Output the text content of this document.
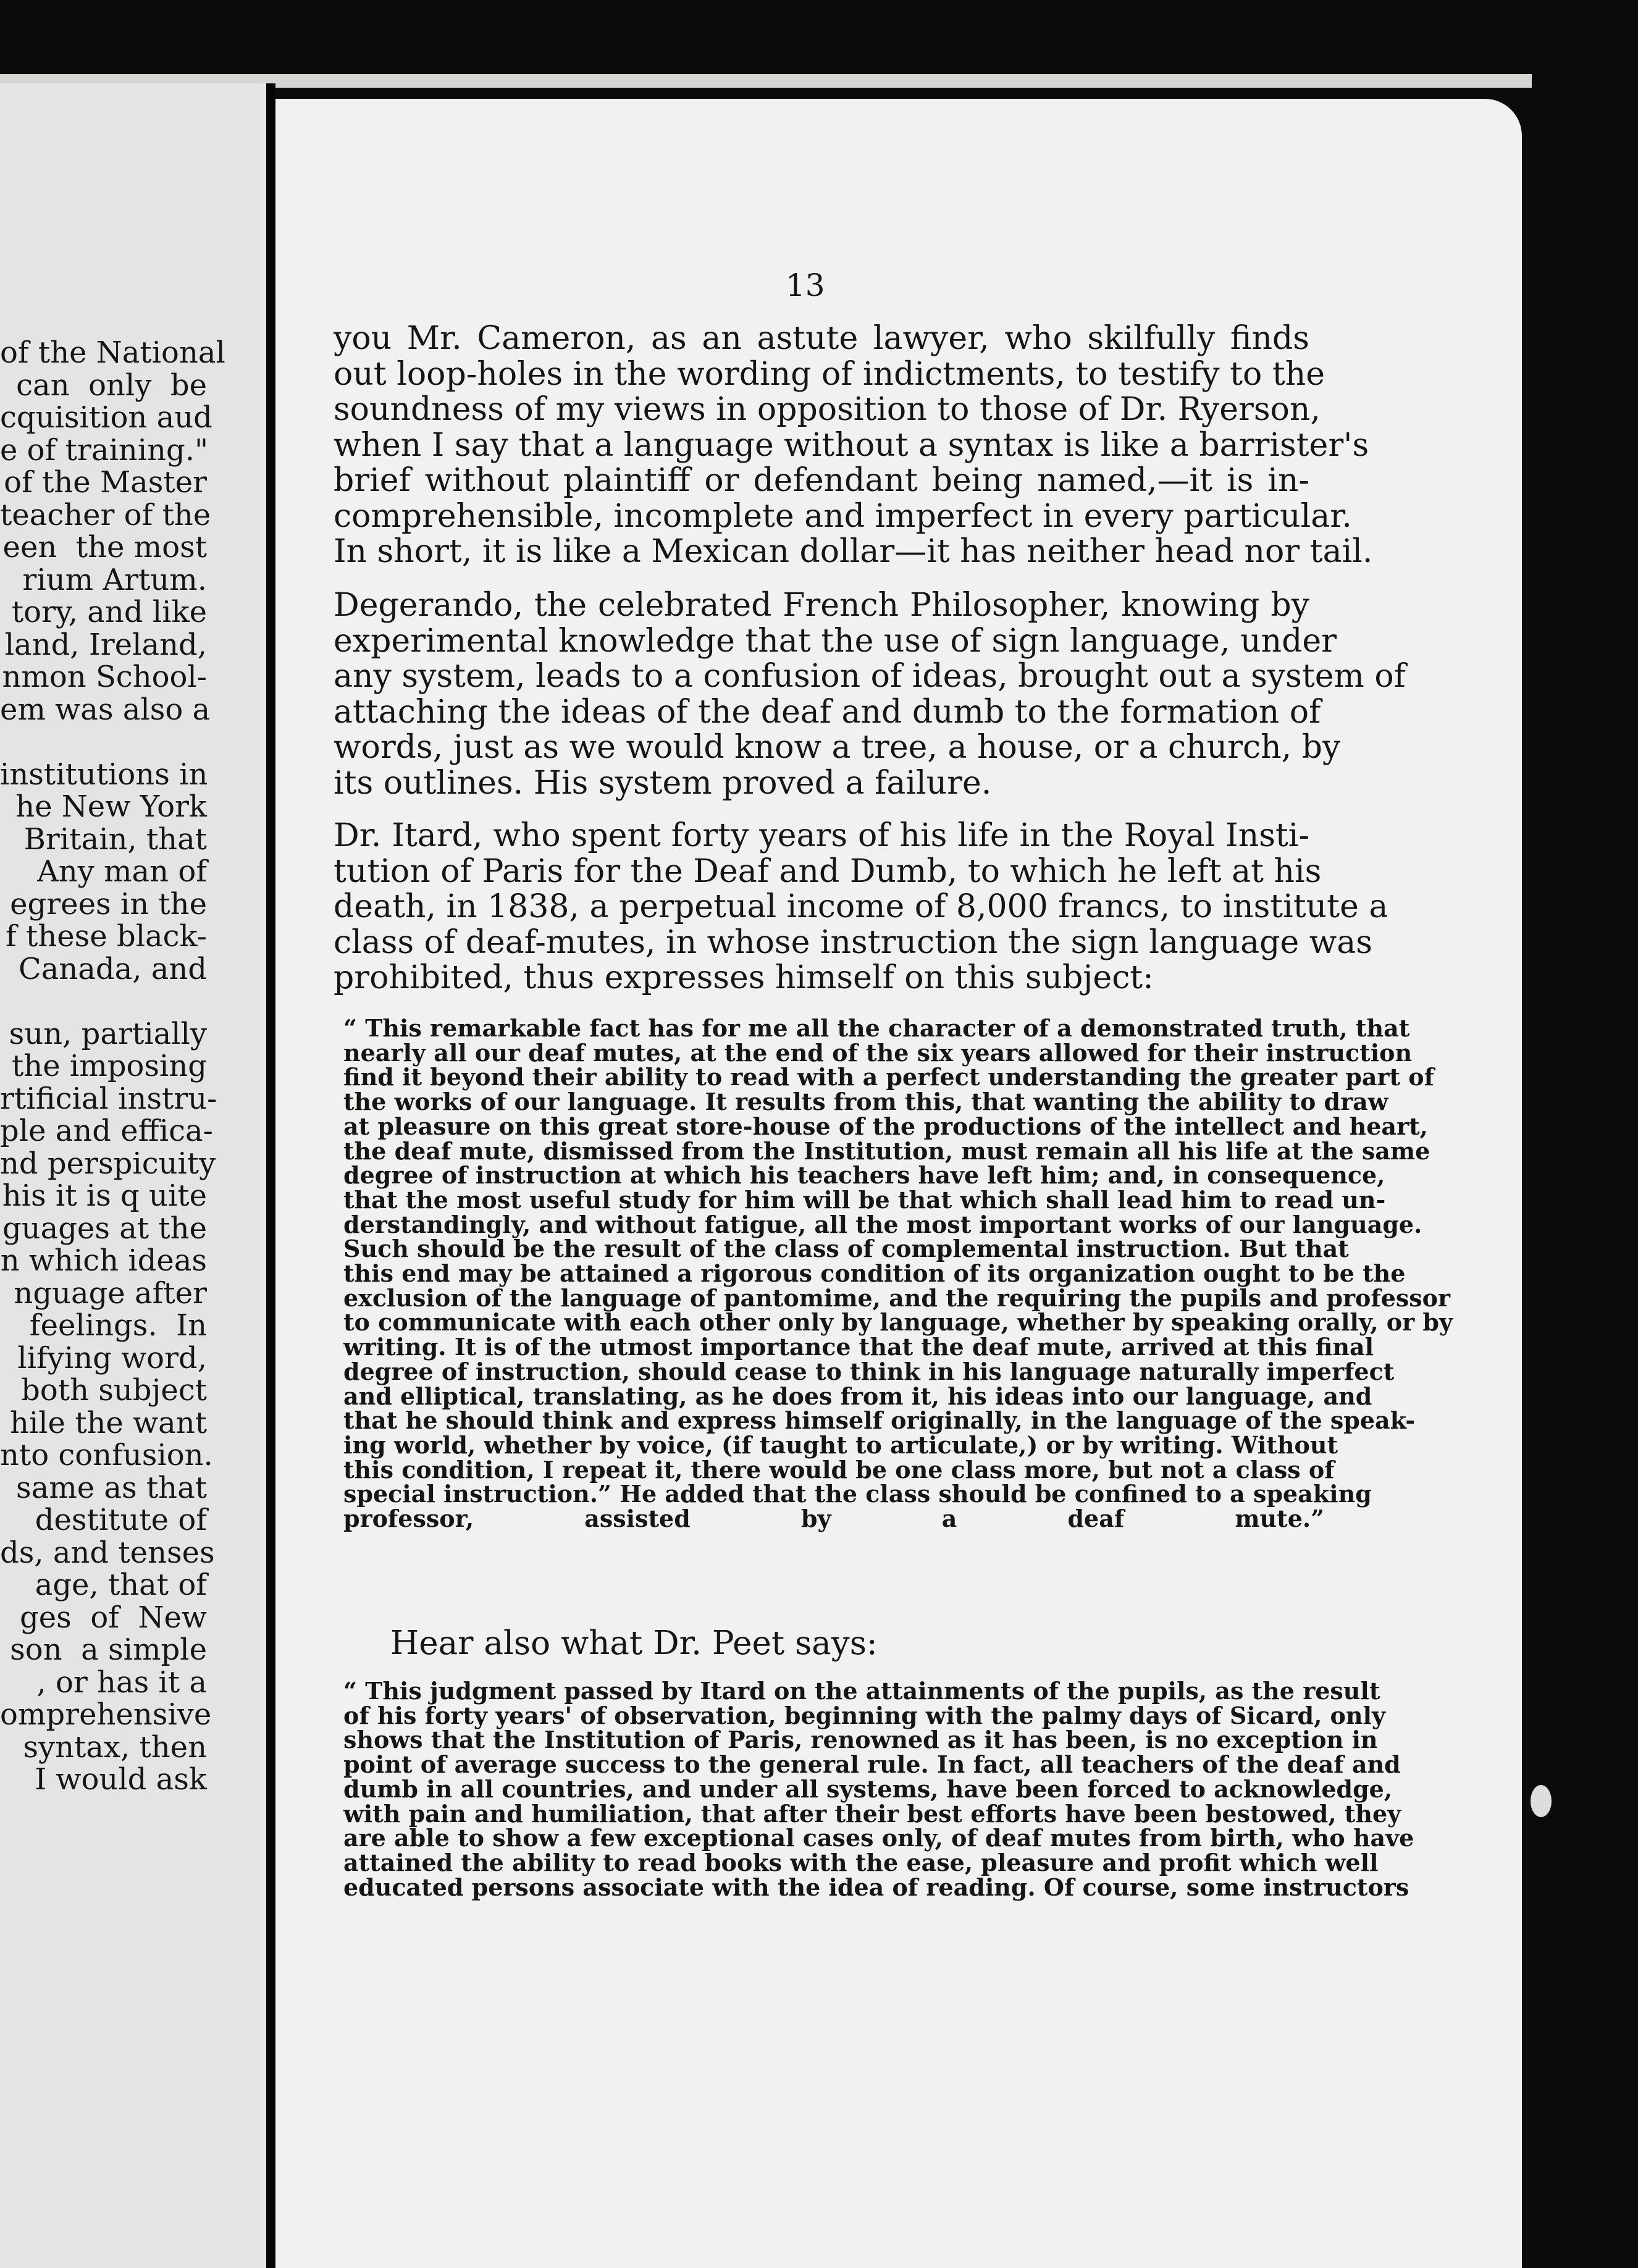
of the National
can  only  be
cquisition aud
e of training."
of the Master
teacher of the
een  the most
rium Artum.
tory, and like
land, Ireland,
nmon School-
em was also a

institutions in
he New York
Britain, that
Any man of
egrees in the
f these black-
Canada, and

sun, partially
the imposing
rtificial instru-
ple and effica-
nd perspicuity
his it is q uite
guages at the
n which ideas
nguage after
feelings.  In
lifying word,
both subject
hile the want
nto confusion.
same as that
destitute of
ds, and tenses
age, that of
ges  of  New
son  a simple
, or has it a
omprehensive
syntax, then
I would ask
13
you Mr. Cameron, as an astute lawyer, who skilfully finds
out loop-holes in the wording of indictments, to testify to the
soundness of my views in opposition to those of Dr. Ryerson,
when I say that a language without a syntax is like a barrister's
brief without plaintiff or defendant being named,—it is in-
comprehensible, incomplete and imperfect in every particular.
In short, it is like a Mexican dollar—it has neither head nor tail.
Degerando, the celebrated French Philosopher, knowing by
experimental knowledge that the use of sign language, under
any system, leads to a confusion of ideas, brought out a system of
attaching the ideas of the deaf and dumb to the formation of
words, just as we would know a tree, a house, or a church, by
its outlines. His system proved a failure.
Dr. Itard, who spent forty years of his life in the Royal Insti-
tution of Paris for the Deaf and Dumb, to which he left at his
death, in 1838, a perpetual income of 8,000 francs, to institute a
class of deaf-mutes, in whose instruction the sign language was
prohibited, thus expresses himself on this subject:
“ This remarkable fact has for me all the character of a demonstrated truth, that
nearly all our deaf mutes, at the end of the six years allowed for their instruction
find it beyond their ability to read with a perfect understanding the greater part of
the works of our language. It results from this, that wanting the ability to draw
at pleasure on this great store-house of the productions of the intellect and heart,
the deaf mute, dismissed from the Institution, must remain all his life at the same
degree of instruction at which his teachers have left him; and, in consequence,
that the most useful study for him will be that which shall lead him to read un-
derstandingly, and without fatigue, all the most important works of our language.
Such should be the result of the class of complemental instruction. But that
this end may be attained a rigorous condition of its organization ought to be the
exclusion of the language of pantomime, and the requiring the pupils and professor
to communicate with each other only by language, whether by speaking orally, or by
writing. It is of the utmost importance that the deaf mute, arrived at this final
degree of instruction, should cease to think in his language naturally imperfect
and elliptical, translating, as he does from it, his ideas into our language, and
that he should think and express himself originally, in the language of the speak-
ing world, whether by voice, (if taught to articulate,) or by writing. Without
this condition, I repeat it, there would be one class more, but not a class of
special instruction.” He added that the class should be confined to a speaking
professor, assisted by a deaf mute.”
Hear also what Dr. Peet says:
“ This judgment passed by Itard on the attainments of the pupils, as the result
of his forty years' of observation, beginning with the palmy days of Sicard, only
shows that the Institution of Paris, renowned as it has been, is no exception in
point of average success to the general rule. In fact, all teachers of the deaf and
dumb in all countries, and under all systems, have been forced to acknowledge,
with pain and humiliation, that after their best efforts have been bestowed, they
are able to show a few exceptional cases only, of deaf mutes from birth, who have
attained the ability to read books with the ease, pleasure and profit which well
educated persons associate with the idea of reading. Of course, some instructors
